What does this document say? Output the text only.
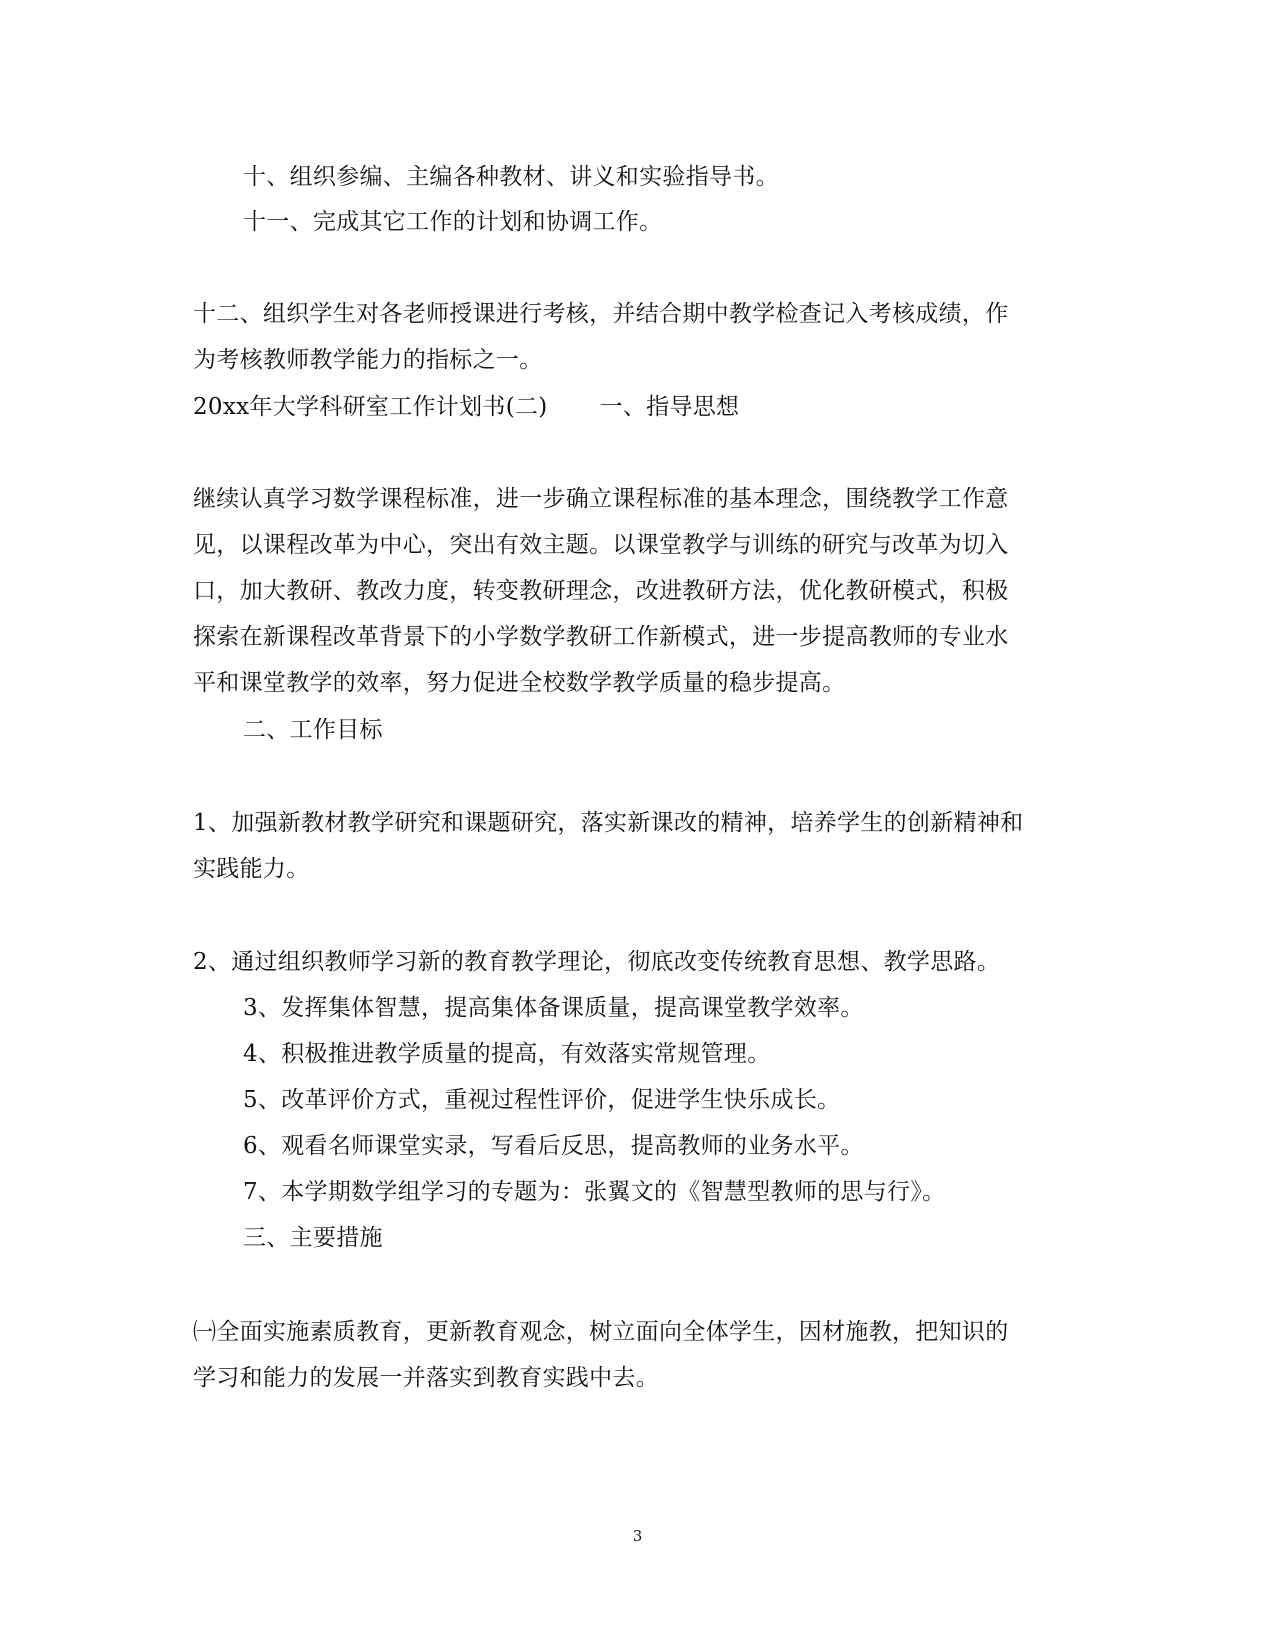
十、组织参编、主编各种教材、讲义和实验指导书。
十一、完成其它工作的计划和协调工作。
十二、组织学生对各老师授课进行考核，并结合期中教学检查记入考核成绩，作
为考核教师教学能力的指标之一。
20xx年大学科研室工作计划书(二) 一、指导思想
继续认真学习数学课程标准，进一步确立课程标准的基本理念，围绕教学工作意
见，以课程改革为中心，突出有效主题。以课堂教学与训练的研究与改革为切入
口，加大教研、教改力度，转变教研理念，改进教研方法，优化教研模式，积极
探索在新课程改革背景下的小学数学教研工作新模式，进一步提高教师的专业水
平和课堂教学的效率，努力促进全校数学教学质量的稳步提高。
二、工作目标
1、加强新教材教学研究和课题研究，落实新课改的精神，培养学生的创新精神和
实践能力。
2、通过组织教师学习新的教育教学理论，彻底改变传统教育思想、教学思路。
3、发挥集体智慧，提高集体备课质量，提高课堂教学效率。
4、积极推进教学质量的提高，有效落实常规管理。
5、改革评价方式，重视过程性评价，促进学生快乐成长。
6、观看名师课堂实录，写看后反思，提高教师的业务水平。
7、本学期数学组学习的专题为：张翼文的《智慧型教师的思与行》。
三、主要措施
㈠全面实施素质教育，更新教育观念，树立面向全体学生，因材施教，把知识的
学习和能力的发展一并落实到教育实践中去。
3
